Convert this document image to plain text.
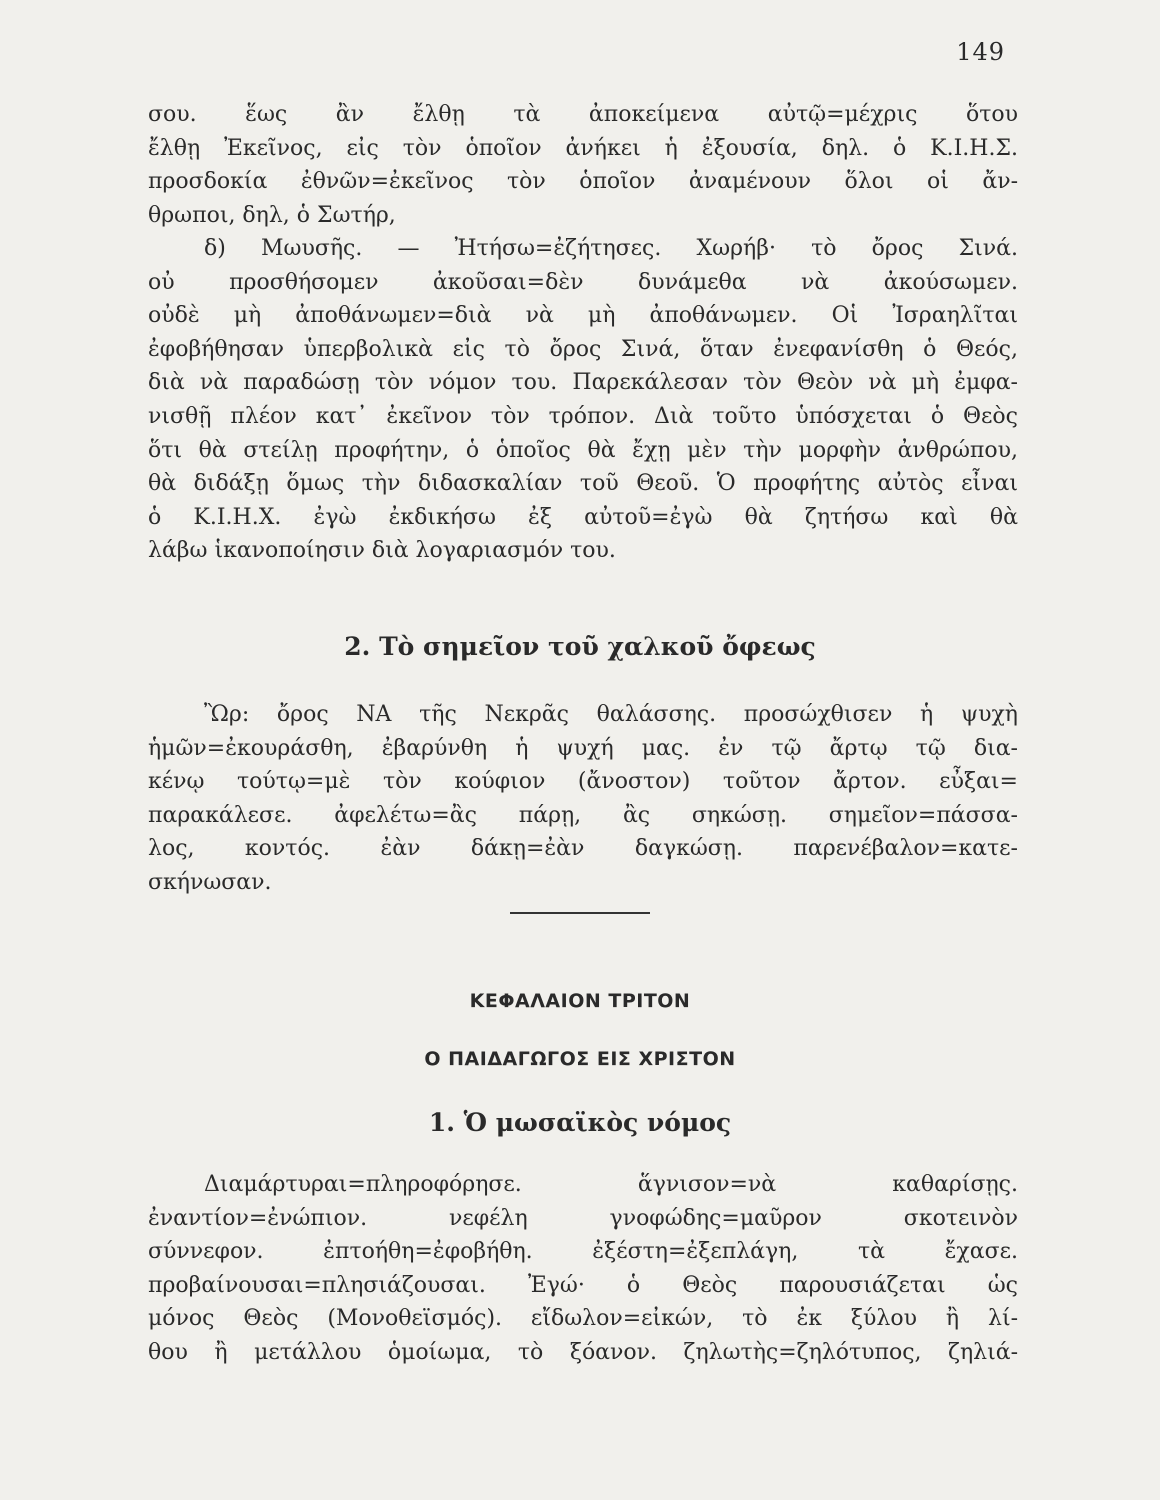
149

σου. ἕως ἂν ἔλθῃ τὰ ἀποκείμενα αὐτῷ=μέχρις ὅτου
ἔλθῃ Ἐκεῖνος, εἰς τὸν ὁποῖον ἀνήκει ἡ ἐξουσία, δηλ. ὁ Κ.Ι.Η.Σ.
προσδοκία ἐθνῶν=ἐκεῖνος τὸν ὁποῖον ἀναμένουν ὅλοι οἱ ἄν-
θρωποι, δηλ, ὁ Σωτήρ,

δ) Μωυσῆς. — Ἠτήσω=ἐζήτησες. Χωρήβ· τὸ ὄρος Σινά.
οὐ προσθήσομεν ἀκοῦσαι=δὲν δυνάμεθα νὰ ἀκούσωμεν.
οὐδὲ μὴ ἀποθάνωμεν=διὰ νὰ μὴ ἀποθάνωμεν. Οἱ Ἰσραηλῖται
ἐφοβήθησαν ὑπερβολικὰ εἰς τὸ ὄρος Σινά, ὅταν ἐνεφανίσθη ὁ Θεός,
διὰ νὰ παραδώσῃ τὸν νόμον του. Παρεκάλεσαν τὸν Θεὸν νὰ μὴ ἐμφα-
νισθῇ πλέον κατ᾿ ἐκεῖνον τὸν τρόπον. Διὰ τοῦτο ὑπόσχεται ὁ Θεὸς
ὅτι θὰ στείλῃ προφήτην, ὁ ὁποῖος θὰ ἔχῃ μὲν τὴν μορφὴν ἀνθρώπου,
θὰ διδάξῃ ὅμως τὴν διδασκαλίαν τοῦ Θεοῦ. Ὁ προφήτης αὐτὸς εἶναι
ὁ Κ.Ι.Η.Χ. ἐγὼ ἐκδικήσω ἐξ αὐτοῦ=ἐγὼ θὰ ζητήσω καὶ θὰ
λάβω ἱκανοποίησιν διὰ λογαριασμόν του.

2. Τὸ σημεῖον τοῦ χαλκοῦ ὄφεως

Ὢρ: ὄρος ΝΑ τῆς Νεκρᾶς θαλάσσης. προσώχθισεν ἡ ψυχὴ
ἡμῶν=ἐκουράσθη, ἐβαρύνθη ἡ ψυχή μας. ἐν τῷ ἄρτῳ τῷ δια-
κένῳ τούτῳ=μὲ τὸν κούφιον (ἄνοστον) τοῦτον ἄρτον. εὖξαι=
παρακάλεσε. ἀφελέτω=ἂς πάρῃ, ἂς σηκώσῃ. σημεῖον=πάσσα-
λος, κοντός. ἐὰν δάκῃ=ἐὰν δαγκώσῃ. παρενέβαλον=κατε-
σκήνωσαν.

ΚΕΦΑΛΑΙΟΝ ΤΡΙΤΟΝ
Ο ΠΑΙΔΑΓΩΓΟΣ ΕΙΣ ΧΡΙΣΤΟΝ
1. Ὁ μωσαϊκὸς νόμος

Διαμάρτυραι=πληροφόρησε. ἅγνισον=νὰ καθαρίσῃς.
ἐναντίον=ἐνώπιον. νεφέλη γνοφώδης=μαῦρον σκοτεινὸν
σύννεφον. ἐπτοήθη=ἐφοβήθη. ἐξέστη=ἐξεπλάγη, τὰ ἔχασε.
προβαίνουσαι=πλησιάζουσαι. Ἐγώ· ὁ Θεὸς παρουσιάζεται ὡς
μόνος Θεὸς (Μονοθεϊσμός). εἴδωλον=εἰκών, τὸ ἐκ ξύλου ἢ λί-
θου ἢ μετάλλου ὁμοίωμα, τὸ ξόανον. ζηλωτὴς=ζηλότυπος, ζηλιά-
